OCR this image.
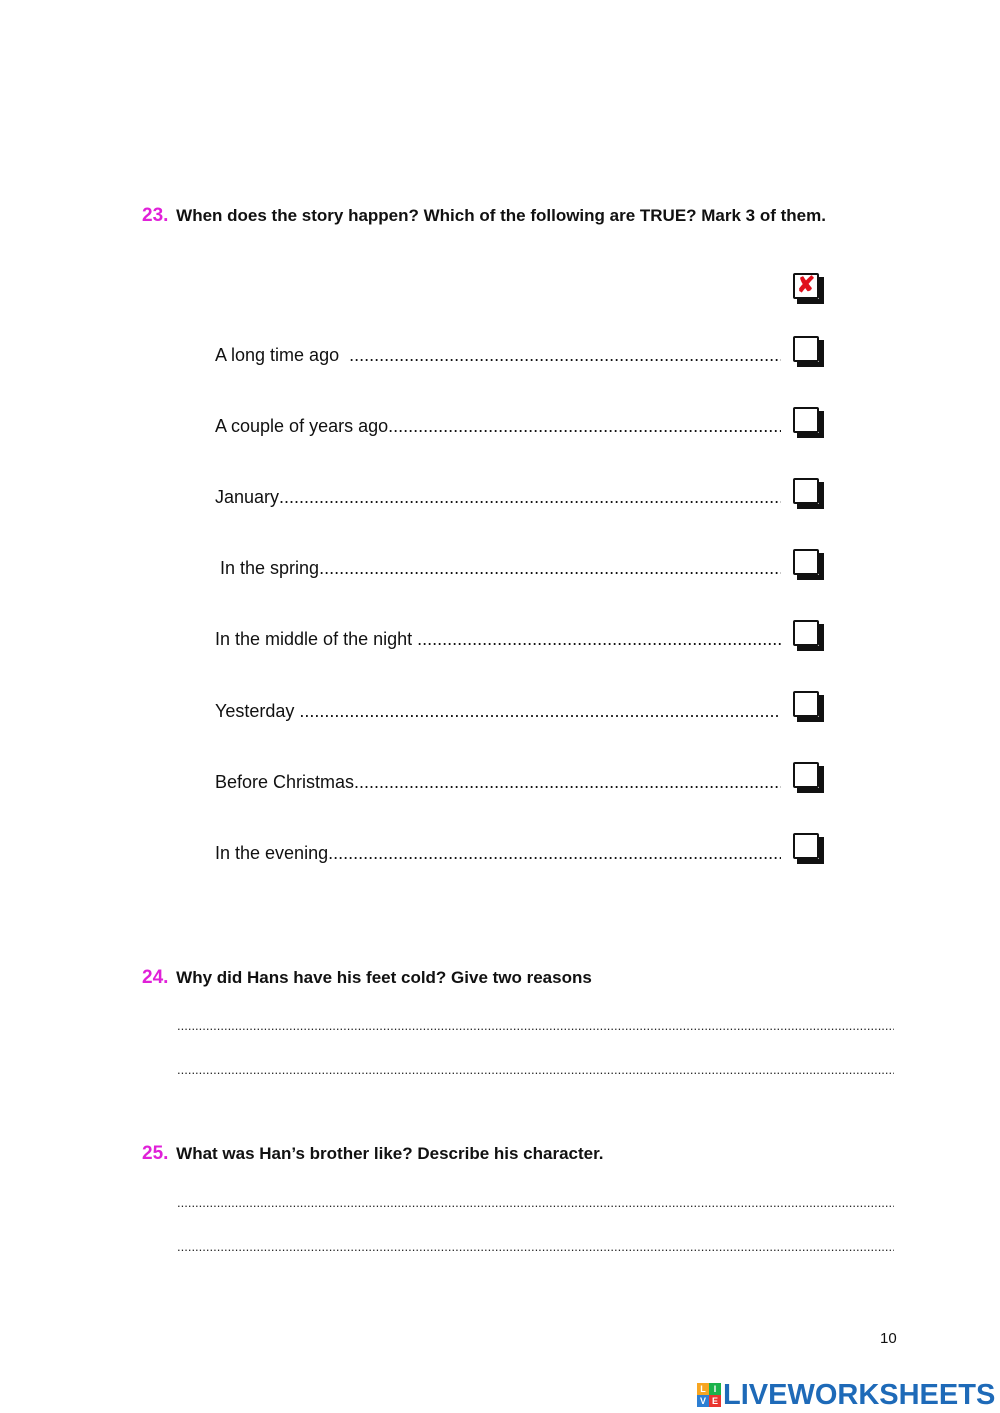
23. When does the story happen? Which of the following are TRUE? Mark 3 of them.
✘
A long time ago
.....
A couple of years ago
.....
January
.....
In the spring
.....
In the middle of the night
.....
Yesterday
.....
Before Christmas
.....
In the evening
.....
24. Why did Hans have his feet cold? Give two reasons
.....
.....
25. What was Han’s brother like? Describe his character.
.....
.....
10
L I
V E LIVEWORKSHEETS
